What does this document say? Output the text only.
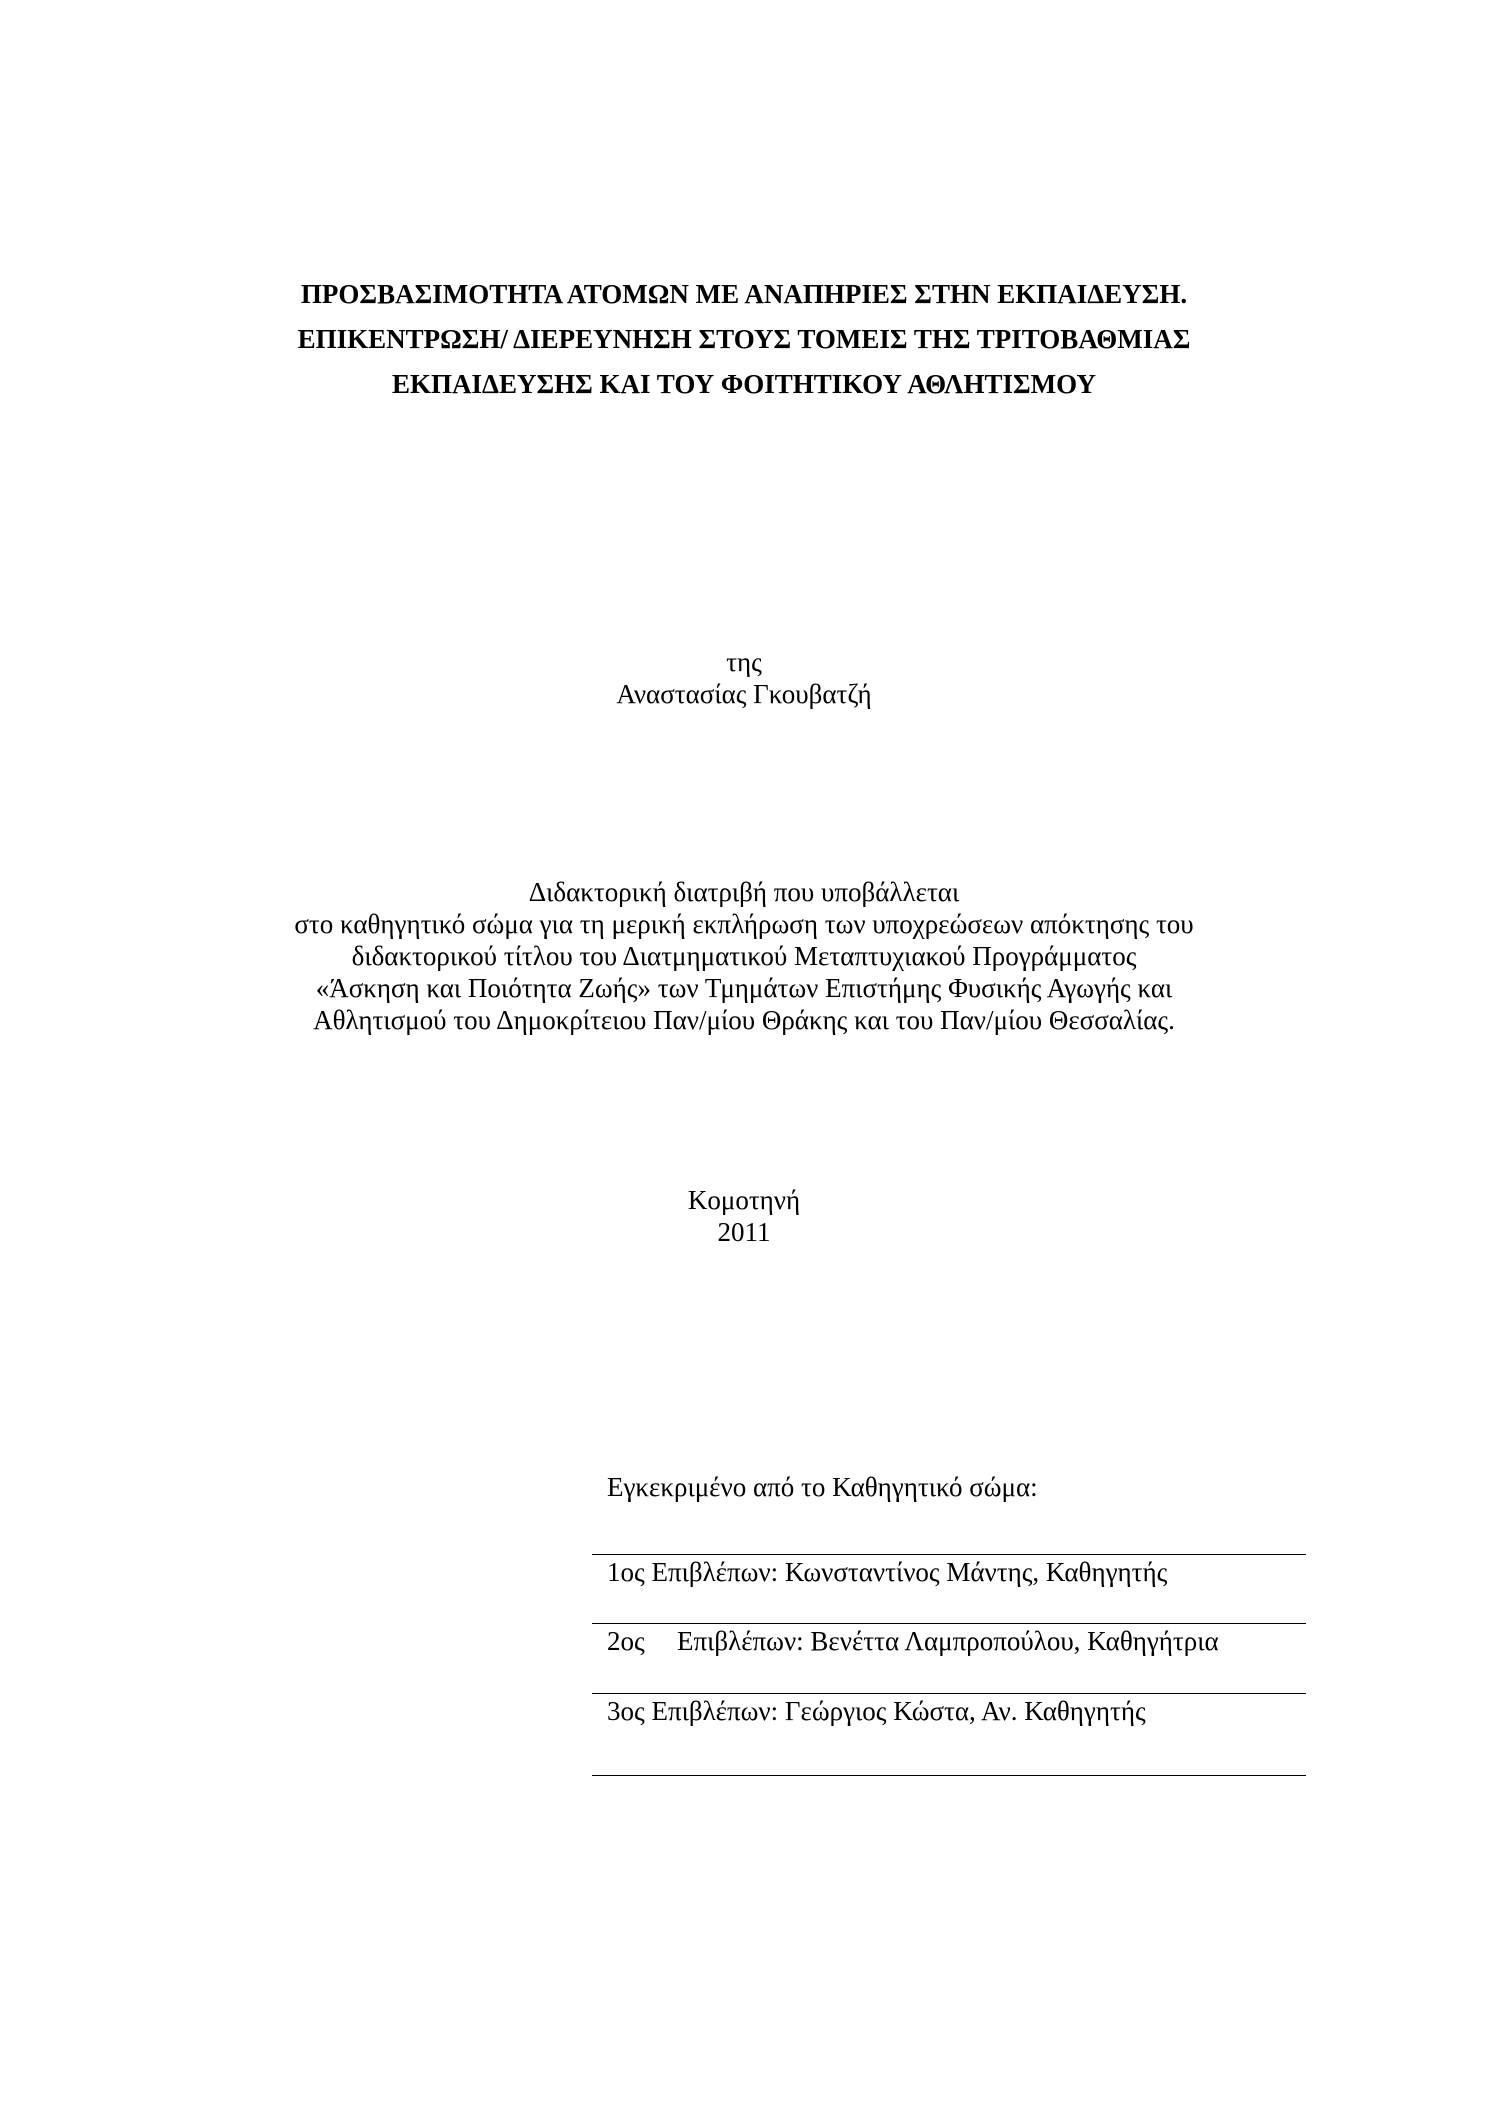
ΠΡΟΣΒΑΣΙΜΟΤΗΤΑ ΑΤΟΜΩΝ ΜΕ ΑΝΑΠΗΡΙΕΣ ΣΤΗΝ ΕΚΠΑΙΔΕΥΣΗ.
ΕΠΙΚΕΝΤΡΩΣΗ/ ΔΙΕΡΕΥΝΗΣΗ ΣΤΟΥΣ ΤΟΜΕΙΣ ΤΗΣ ΤΡΙΤΟΒΑΘΜΙΑΣ
ΕΚΠΑΙΔΕΥΣΗΣ ΚΑΙ ΤΟΥ ΦΟΙΤΗΤΙΚΟΥ ΑΘΛΗΤΙΣΜΟΥ
της
Αναστασίας Γκουβατζή
Διδακτορική διατριβή που υποβάλλεται
στο καθηγητικό σώμα για τη μερική εκπλήρωση των υποχρεώσεων απόκτησης του
διδακτορικού τίτλου του Διατμηματικού Μεταπτυχιακού Προγράμματος
«Άσκηση και Ποιότητα Ζωής» των Τμημάτων Επιστήμης Φυσικής Αγωγής και
Αθλητισμού του Δημοκρίτειου Παν/μίου Θράκης και του Παν/μίου Θεσσαλίας.
Κομοτηνή
2011
Εγκεκριμένο από το Καθηγητικό σώμα:
1ος Επιβλέπων: Κωνσταντίνος Μάντης, Καθηγητής
2ος Επιβλέπων: Βενέττα Λαμπροπούλου, Καθηγήτρια
3ος Επιβλέπων: Γεώργιος Κώστα, Αν. Καθηγητής
